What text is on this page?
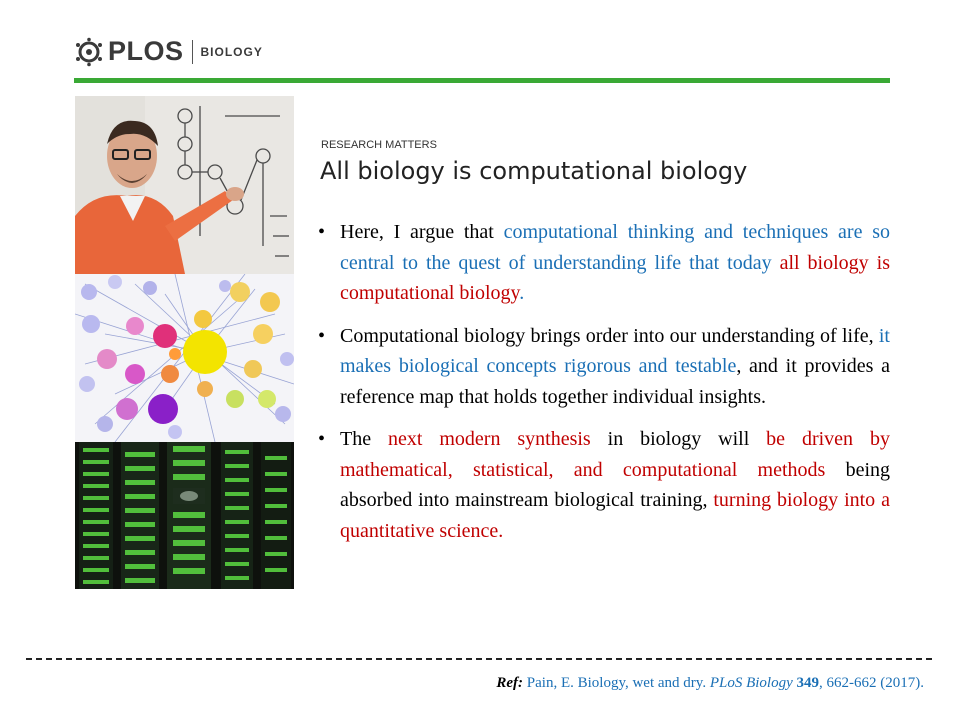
PLOS BIOLOGY
RESEARCH MATTERS
All biology is computational biology
• Here, I argue that computational thinking and techniques are so central to the quest of understanding life that today all biology is computational biology.
• Computational biology brings order into our understanding of life, it makes biological concepts rigorous and testable, and it provides a reference map that holds together individual insights.
• The next modern synthesis in biology will be driven by mathematical, statistical, and computational methods being absorbed into mainstream biological training, turning biology into a quantitative science.
Ref: Pain, E. Biology, wet and dry. PLoS Biology 349, 662-662 (2017).
